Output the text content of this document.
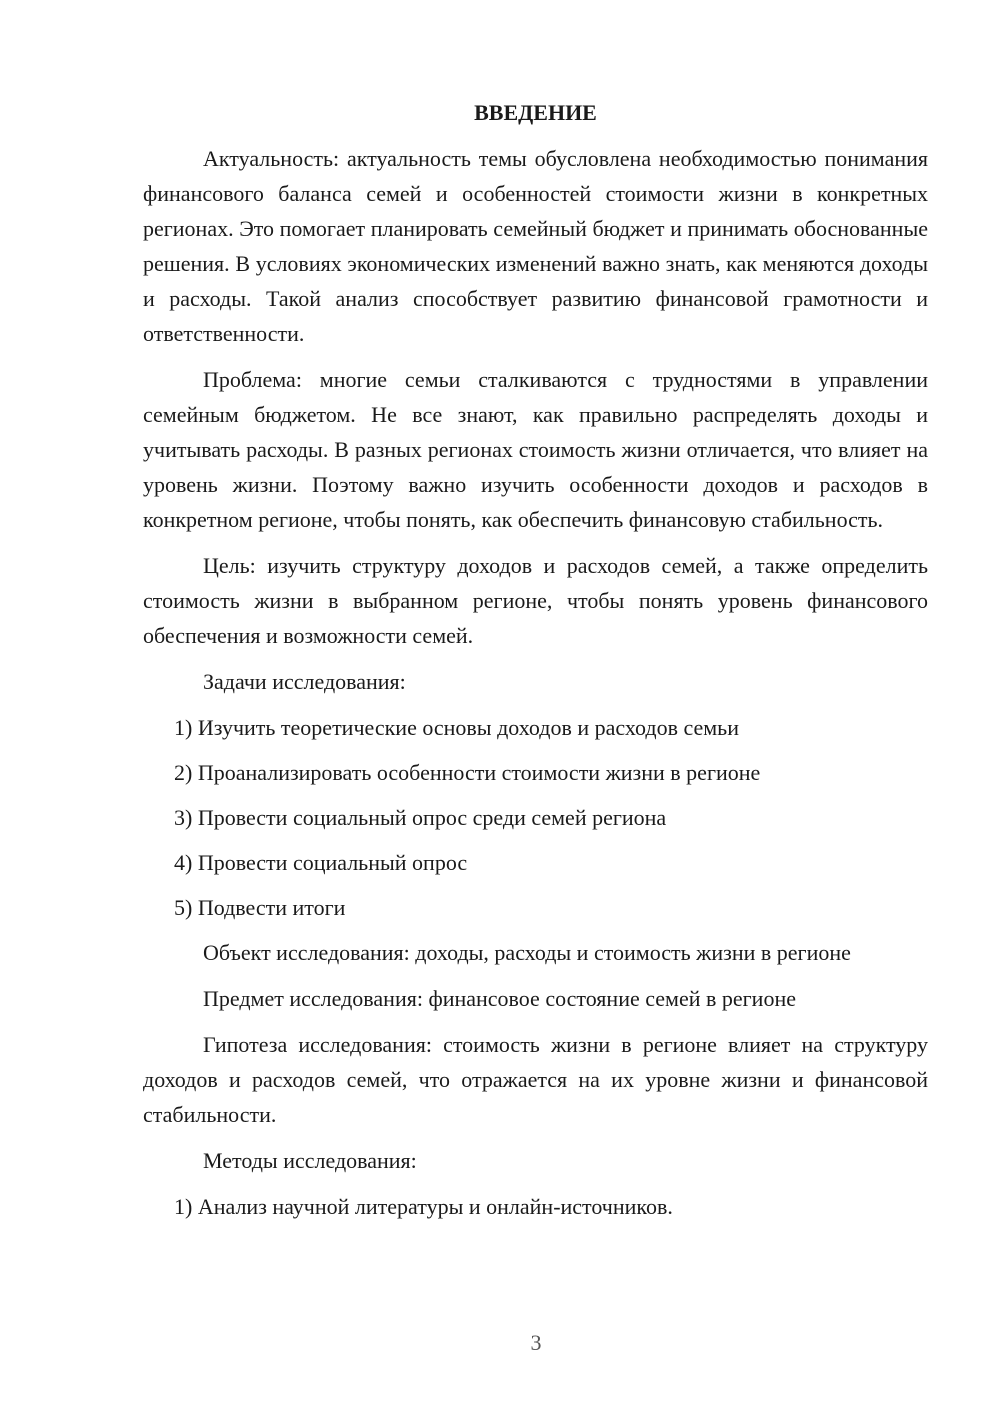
ВВЕДЕНИЕ

Актуальность: актуальность темы обусловлена необходимостью понимания финансового баланса семей и особенностей стоимости жизни в конкретных регионах. Это помогает планировать семейный бюджет и принимать обоснованные решения. В условиях экономических изменений важно знать, как меняются доходы и расходы. Такой анализ способствует развитию финансовой грамотности и ответственности.

Проблема: многие семьи сталкиваются с трудностями в управлении семейным бюджетом. Не все знают, как правильно распределять доходы и учитывать расходы. В разных регионах стоимость жизни отличается, что влияет на уровень жизни. Поэтому важно изучить особенности доходов и расходов в конкретном регионе, чтобы понять, как обеспечить финансовую стабильность.

Цель: изучить структуру доходов и расходов семей, а также определить стоимость жизни в выбранном регионе, чтобы понять уровень финансового обеспечения и возможности семей.

Задачи исследования:

1) Изучить теоретические основы доходов и расходов семьи

2) Проанализировать особенности стоимости жизни в регионе

3) Провести социальный опрос среди семей региона

4) Провести социальный опрос

5) Подвести итоги

Объект исследования: доходы, расходы и стоимость жизни в регионе

Предмет исследования: финансовое состояние семей в регионе

Гипотеза исследования: стоимость жизни в регионе влияет на структуру доходов и расходов семей, что отражается на их уровне жизни и финансовой стабильности.

Методы исследования:

1) Анализ научной литературы и онлайн-источников.

3
